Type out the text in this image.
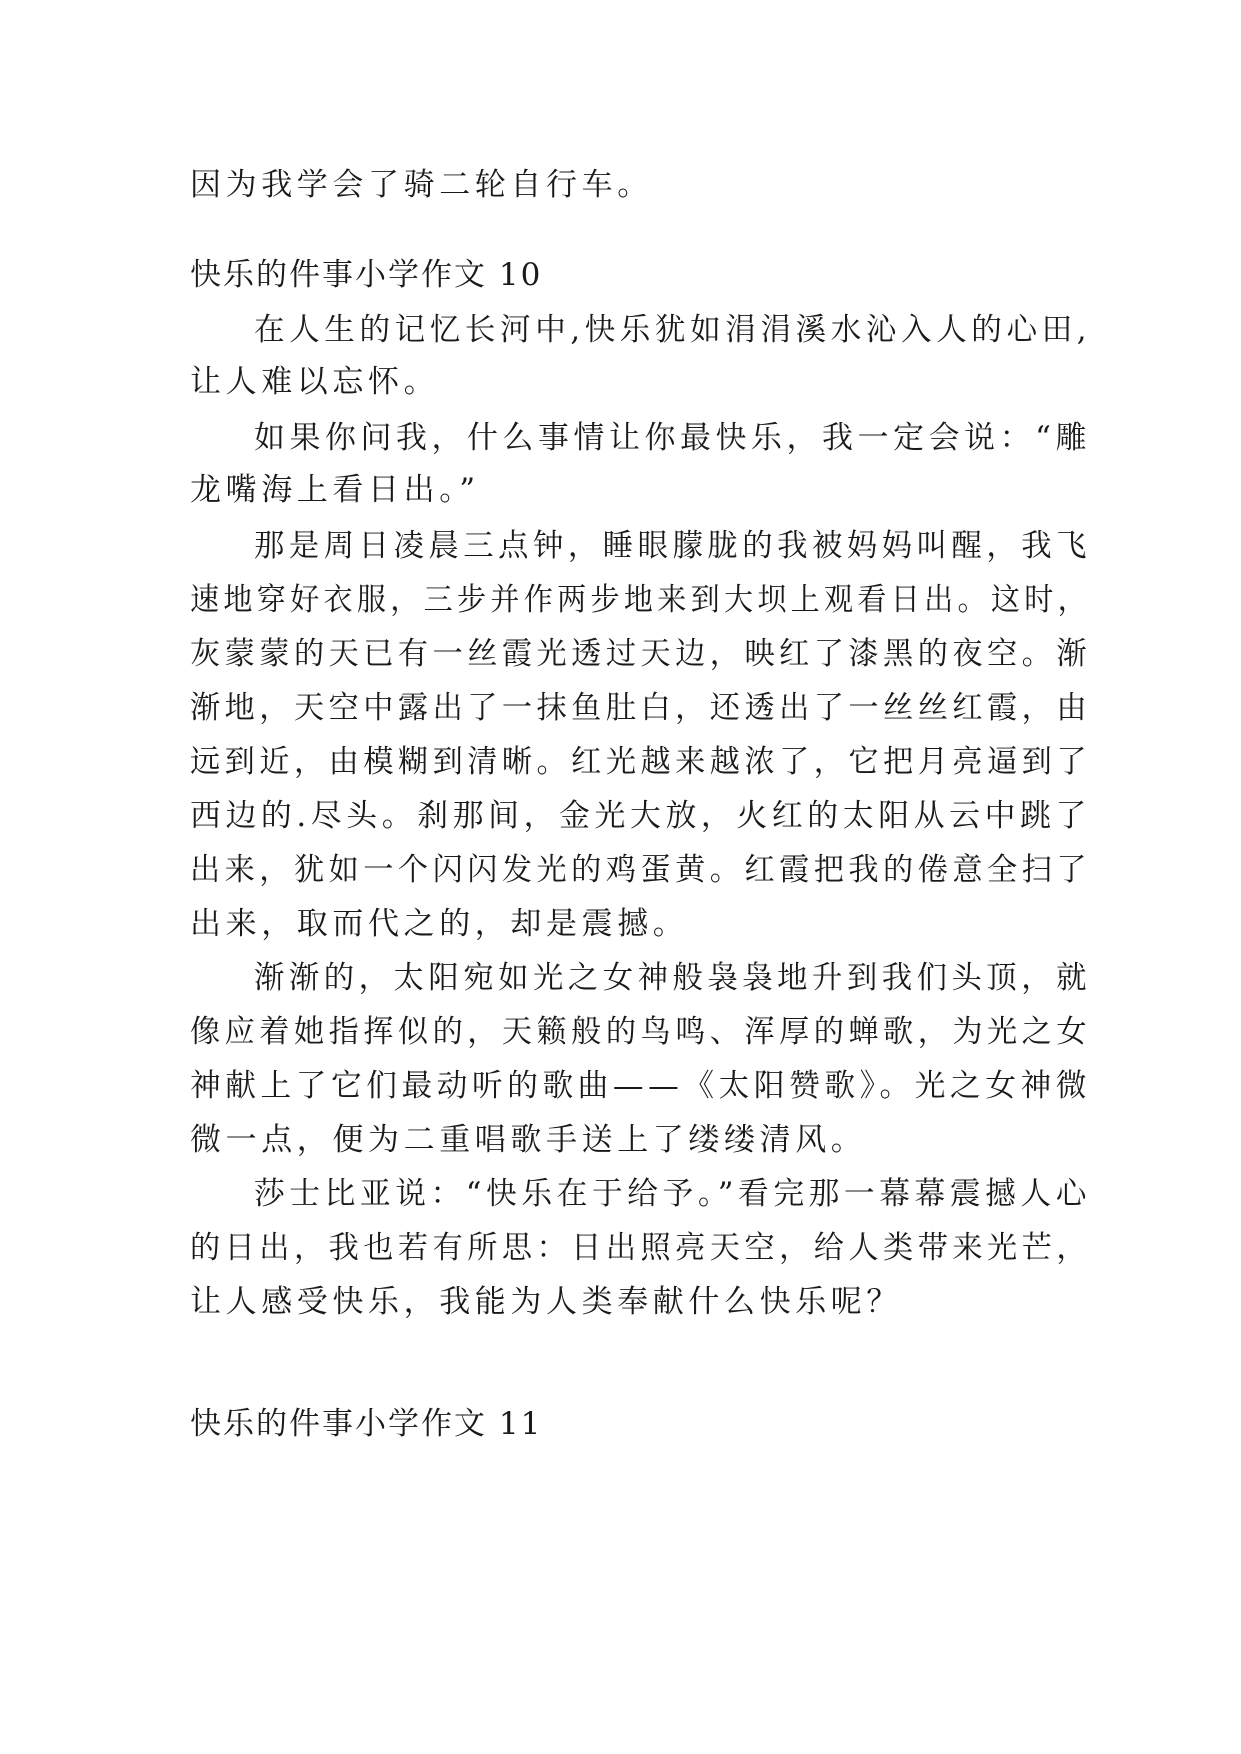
因为我学会了骑二轮自行车。
快乐的件事小学作文 10
在人生的记忆长河中,快乐犹如涓涓溪水沁入人的心田,
让人难以忘怀。
如果你问我，什么事情让你最快乐，我一定会说：“雕
龙嘴海上看日出。”
那是周日凌晨三点钟，睡眼朦胧的我被妈妈叫醒，我飞
速地穿好衣服，三步并作两步地来到大坝上观看日出。这时，
灰蒙蒙的天已有一丝霞光透过天边，映红了漆黑的夜空。渐
渐地，天空中露出了一抹鱼肚白，还透出了一丝丝红霞，由
远到近，由模糊到清晰。红光越来越浓了，它把月亮逼到了
西边的.尽头。刹那间，金光大放，火红的太阳从云中跳了
出来，犹如一个闪闪发光的鸡蛋黄。红霞把我的倦意全扫了
出来，取而代之的，却是震撼。
渐渐的，太阳宛如光之女神般袅袅地升到我们头顶，就
像应着她指挥似的，天籁般的鸟鸣、浑厚的蝉歌，为光之女
神献上了它们最动听的歌曲——《太阳赞歌》。光之女神微
微一点，便为二重唱歌手送上了缕缕清风。
莎士比亚说：“快乐在于给予。”看完那一幕幕震撼人心
的日出，我也若有所思：日出照亮天空，给人类带来光芒，
让人感受快乐，我能为人类奉献什么快乐呢？
快乐的件事小学作文 11
